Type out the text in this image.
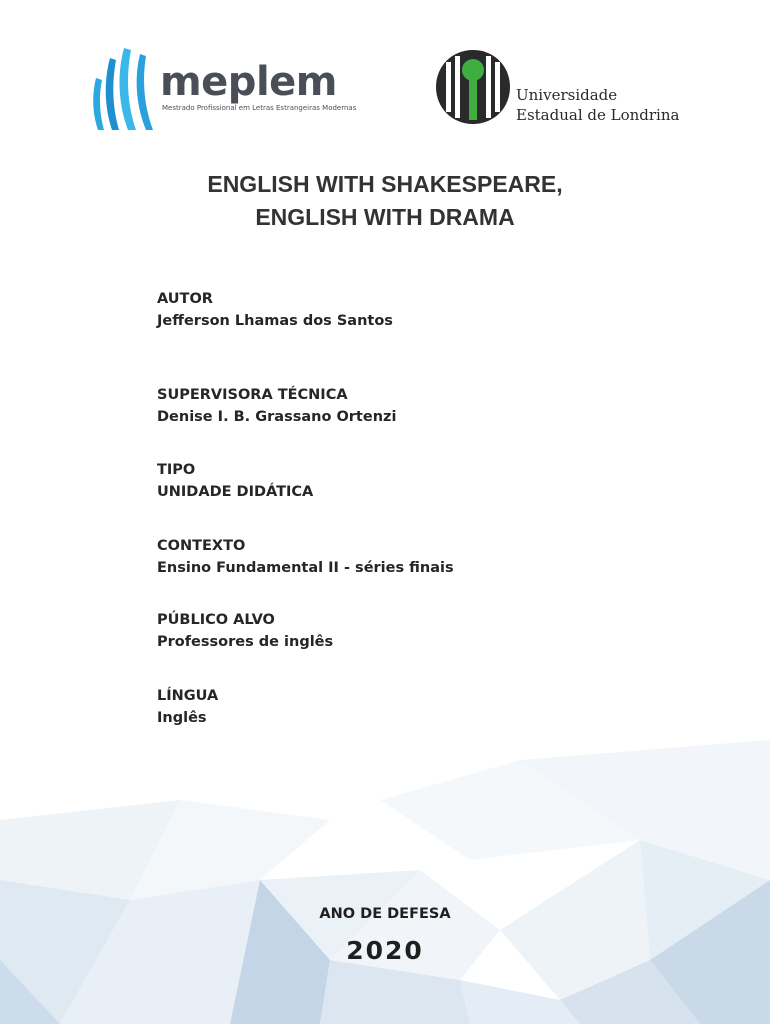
meplem
Mestrado Profissional em Letras Estrangeiras Modernas
Universidade
Estadual de Londrina
ENGLISH WITH SHAKESPEARE,
ENGLISH WITH DRAMA
AUTOR
Jefferson Lhamas dos Santos
SUPERVISORA TÉCNICA
Denise I. B. Grassano Ortenzi
TIPO
UNIDADE DIDÁTICA
CONTEXTO
Ensino Fundamental II - séries finais
PÚBLICO ALVO
Professores de inglês
LÍNGUA
Inglês
ANO DE DEFESA
2020
